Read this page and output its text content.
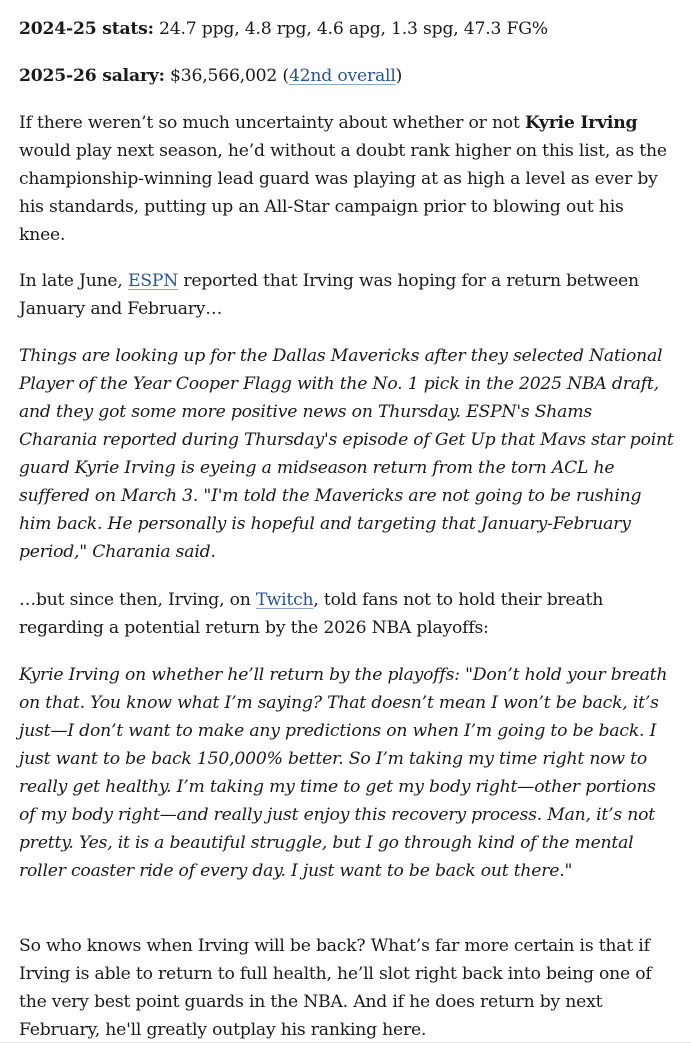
2024-25 stats: 24.7 ppg, 4.8 rpg, 4.6 apg, 1.3 spg, 47.3 FG%

2025-26 salary: $36,566,002 (42nd overall)

If there weren’t so much uncertainty about whether or not Kyrie Irving would play next season, he’d without a doubt rank higher on this list, as the championship-winning lead guard was playing at as high a level as ever by his standards, putting up an All-Star campaign prior to blowing out his knee.

In late June, ESPN reported that Irving was hoping for a return between January and February…

Things are looking up for the Dallas Mavericks after they selected National Player of the Year Cooper Flagg with the No. 1 pick in the 2025 NBA draft, and they got some more positive news on Thursday. ESPN's Shams Charania reported during Thursday's episode of Get Up that Mavs star point guard Kyrie Irving is eyeing a midseason return from the torn ACL he suffered on March 3. "I'm told the Mavericks are not going to be rushing him back. He personally is hopeful and targeting that January-February period," Charania said.

…but since then, Irving, on Twitch, told fans not to hold their breath regarding a potential return by the 2026 NBA playoffs:

Kyrie Irving on whether he’ll return by the playoffs: "Don’t hold your breath on that. You know what I’m saying? That doesn’t mean I won’t be back, it’s just—I don’t want to make any predictions on when I’m going to be back. I just want to be back 150,000% better. So I’m taking my time right now to really get healthy. I’m taking my time to get my body right—other portions of my body right—and really just enjoy this recovery process. Man, it’s not pretty. Yes, it is a beautiful struggle, but I go through kind of the mental roller coaster ride of every day. I just want to be back out there."

So who knows when Irving will be back? What’s far more certain is that if Irving is able to return to full health, he’ll slot right back into being one of the very best point guards in the NBA. And if he does return by next February, he'll greatly outplay his ranking here.
